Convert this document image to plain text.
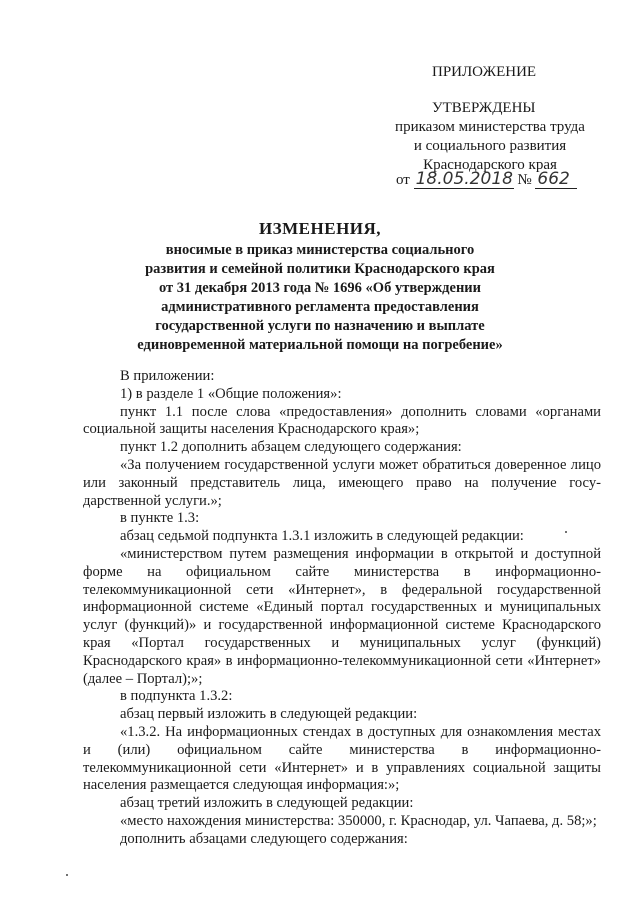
ПРИЛОЖЕНИЕ
УТВЕРЖДЕНЫ
приказом министерства труда
и социального развития
Краснодарского края
от 18.05.2018 № 662
ИЗМЕНЕНИЯ,
вносимые в приказ министерства социального
развития и семейной политики Краснодарского края
от 31 декабря 2013 года № 1696 «Об утверждении
административного регламента предоставления
государственной услуги по назначению и выплате
единовременной материальной помощи на погребение»

В приложении:

1) в разделе 1 «Общие положения»:

пункт 1.1 после слова «предоставления» дополнить словами «органами социальной защиты населения Краснодарского края»;

пункт 1.2 дополнить абзацем следующего содержания:

«За получением государственной услуги может обратиться доверенное лицо или законный представитель лица, имеющего право на получение госу-дарственной услуги.»;

в пункте 1.3:

абзац седьмой подпункта 1.3.1 изложить в следующей редакции:

«министерством путем размещения информации в открытой и доступной форме на официальном сайте министерства в информационно-телекоммуникационной сети «Интернет», в федеральной государственной информационной системе «Единый портал государственных и муниципальных услуг (функций)» и государственной информационной системе Краснодарского края «Портал государственных и муниципальных услуг (функций) Краснодарского края» в информационно-телекоммуникационной сети «Интернет» (далее – Портал);»;

в подпункта 1.3.2:

абзац первый изложить в следующей редакции:

«1.3.2. На информационных стендах в доступных для ознакомления местах и (или) официальном сайте министерства в информационно-телекоммуникационной сети «Интернет» и в управлениях социальной защиты населения размещается следующая информация:»;

абзац третий изложить в следующей редакции:

«место нахождения министерства: 350000, г. Краснодар, ул. Чапаева, д. 58;»;

дополнить абзацами следующего содержания:
